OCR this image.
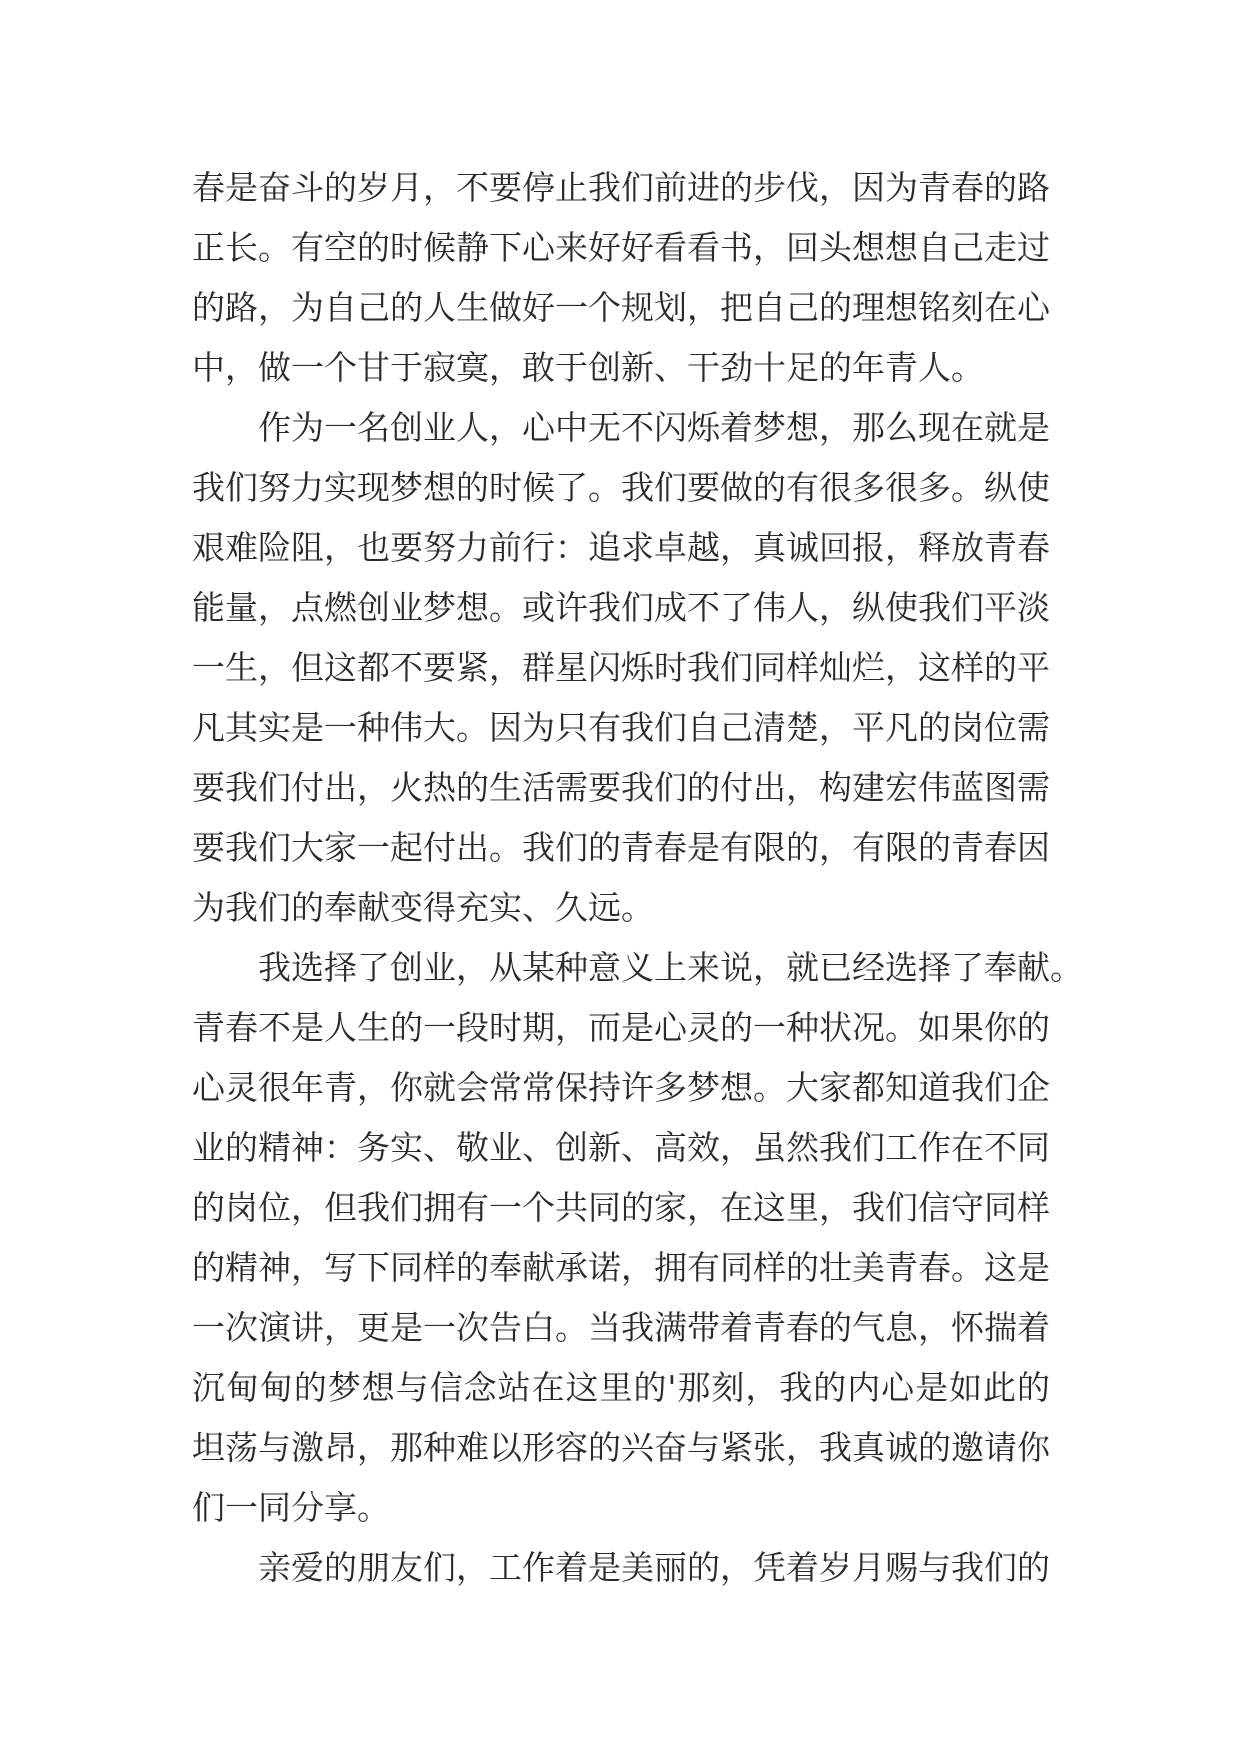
春是奋斗的岁月，不要停止我们前进的步伐，因为青春的路
正长。有空的时候静下心来好好看看书，回头想想自己走过
的路，为自己的人生做好一个规划，把自己的理想铭刻在心
中，做一个甘于寂寞，敢于创新、干劲十足的年青人。
作为一名创业人，心中无不闪烁着梦想，那么现在就是
我们努力实现梦想的时候了。我们要做的有很多很多。纵使
艰难险阻，也要努力前行：追求卓越，真诚回报，释放青春
能量，点燃创业梦想。或许我们成不了伟人，纵使我们平淡
一生，但这都不要紧，群星闪烁时我们同样灿烂，这样的平
凡其实是一种伟大。因为只有我们自己清楚，平凡的岗位需
要我们付出，火热的生活需要我们的付出，构建宏伟蓝图需
要我们大家一起付出。我们的青春是有限的，有限的青春因
为我们的奉献变得充实、久远。
我选择了创业，从某种意义上来说，就已经选择了奉献。
青春不是人生的一段时期，而是心灵的一种状况。如果你的
心灵很年青，你就会常常保持许多梦想。大家都知道我们企
业的精神：务实、敬业、创新、高效，虽然我们工作在不同
的岗位，但我们拥有一个共同的家，在这里，我们信守同样
的精神，写下同样的奉献承诺，拥有同样的壮美青春。这是
一次演讲，更是一次告白。当我满带着青春的气息，怀揣着
沉甸甸的梦想与信念站在这里的'那刻，我的内心是如此的
坦荡与激昂，那种难以形容的兴奋与紧张，我真诚的邀请你
们一同分享。
亲爱的朋友们，工作着是美丽的，凭着岁月赐与我们的
